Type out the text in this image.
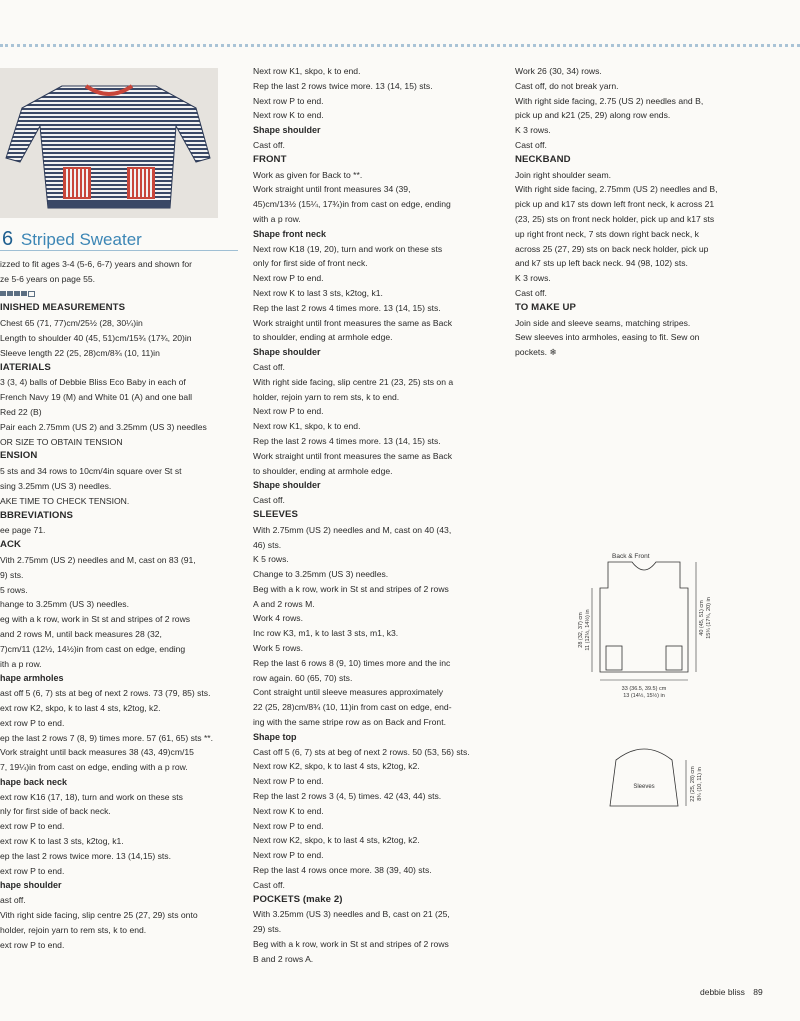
6 Striped Sweater
izzed to fit ages 3-4 (5-6, 6-7) years and shown for
ze 5-6 years on page 55.
INISHED MEASUREMENTS
Chest 65 (71, 77)cm/25½ (28, 30¼)in
Length to shoulder 40 (45, 51)cm/15¾ (17¾, 20)in
Sleeve length 22 (25, 28)cm/8¾ (10, 11)in
IATERIALS
3 (3, 4) balls of Debbie Bliss Eco Baby in each of
French Navy 19 (M) and White 01 (A) and one ball
Red 22 (B)
Pair each 2.75mm (US 2) and 3.25mm (US 3) needles
OR SIZE TO OBTAIN TENSION
ENSION
5 sts and 34 rows to 10cm/4in square over St st
sing 3.25mm (US 3) needles.
AKE TIME TO CHECK TENSION.
BBREVIATIONS
ee page 71.
ACK
Vith 2.75mm (US 2) needles and M, cast on 83 (91,
9) sts.
5 rows.
hange to 3.25mm (US 3) needles.
eg with a k row, work in St st and stripes of 2 rows
and 2 rows M, until back measures 28 (32,
7)cm/11 (12½, 14½)in from cast on edge, ending
ith a p row.
hape armholes
ast off 5 (6, 7) sts at beg of next 2 rows. 73 (79, 85) sts.
ext row K2, skpo, k to last 4 sts, k2tog, k2.
ext row P to end.
ep the last 2 rows 7 (8, 9) times more. 57 (61, 65) sts **.
Vork straight until back measures 38 (43, 49)cm/15
7, 19¼)in from cast on edge, ending with a p row.
hape back neck
ext row K16 (17, 18), turn and work on these sts
nly for first side of back neck.
ext row P to end.
ext row K to last 3 sts, k2tog, k1.
ep the last 2 rows twice more. 13 (14,15) sts.
ext row P to end.
hape shoulder
ast off.
Vith right side facing, slip centre 25 (27, 29) sts onto
holder, rejoin yarn to rem sts, k to end.
ext row P to end.
Next row K1, skpo, k to end.
Rep the last 2 rows twice more. 13 (14, 15) sts.
Next row P to end.
Next row K to end.
Shape shoulder
Cast off.
FRONT
Work as given for Back to **.
Work straight until front measures 34 (39,
45)cm/13½ (15¼, 17¾)in from cast on edge, ending
with a p row.
Shape front neck
Next row K18 (19, 20), turn and work on these sts
only for first side of front neck.
Next row P to end.
Next row K to last 3 sts, k2tog, k1.
Rep the last 2 rows 4 times more. 13 (14, 15) sts.
Work straight until front measures the same as Back
to shoulder, ending at armhole edge.
Shape shoulder
Cast off.
With right side facing, slip centre 21 (23, 25) sts on a
holder, rejoin yarn to rem sts, k to end.
Next row P to end.
Next row K1, skpo, k to end.
Rep the last 2 rows 4 times more. 13 (14, 15) sts.
Work straight until front measures the same as Back
to shoulder, ending at armhole edge.
Shape shoulder
Cast off.
SLEEVES
With 2.75mm (US 2) needles and M, cast on 40 (43,
46) sts.
K 5 rows.
Change to 3.25mm (US 3) needles.
Beg with a k row, work in St st and stripes of 2 rows
A and 2 rows M.
Work 4 rows.
Inc row K3, m1, k to last 3 sts, m1, k3.
Work 5 rows.
Rep the last 6 rows 8 (9, 10) times more and the inc
row again. 60 (65, 70) sts.
Cont straight until sleeve measures approximately
22 (25, 28)cm/8¾ (10, 11)in from cast on edge, end-
ing with the same stripe row as on Back and Front.
Shape top
Cast off 5 (6, 7) sts at beg of next 2 rows. 50 (53, 56) sts.
Next row K2, skpo, k to last 4 sts, k2tog, k2.
Next row P to end.
Rep the last 2 rows 3 (4, 5) times. 42 (43, 44) sts.
Next row K to end.
Next row P to end.
Next row K2, skpo, k to last 4 sts, k2tog, k2.
Next row P to end.
Rep the last 4 rows once more. 38 (39, 40) sts.
Cast off.
POCKETS (make 2)
With 3.25mm (US 3) needles and B, cast on 21 (25,
29) sts.
Beg with a k row, work in St st and stripes of 2 rows
B and 2 rows A.
Work 26 (30, 34) rows.
Cast off, do not break yarn.
With right side facing, 2.75 (US 2) needles and B,
pick up and k21 (25, 29) along row ends.
K 3 rows.
Cast off.
NECKBAND
Join right shoulder seam.
With right side facing, 2.75mm (US 2) needles and B,
pick up and k17 sts down left front neck, k across 21
(23, 25) sts on front neck holder, pick up and k17 sts
up right front neck, 7 sts down right back neck, k
across 25 (27, 29) sts on back neck holder, pick up
and k7 sts up left back neck. 94 (98, 102) sts.
K 3 rows.
Cast off.
TO MAKE UP
Join side and sleeve seams, matching stripes.
Sew sleeves into armholes, easing to fit. Sew on
pockets. ❄
Back & Front
28 (32, 37) cm 11 (12½, 14½) in	40 (45, 51) cm 15¾ (17¾, 20) in
33 (36.5, 39.5) cm
13 (14½, 15½) in
Sleeves	22 (25, 28) cm 8¾ (10, 11) in
debbie bliss 89
